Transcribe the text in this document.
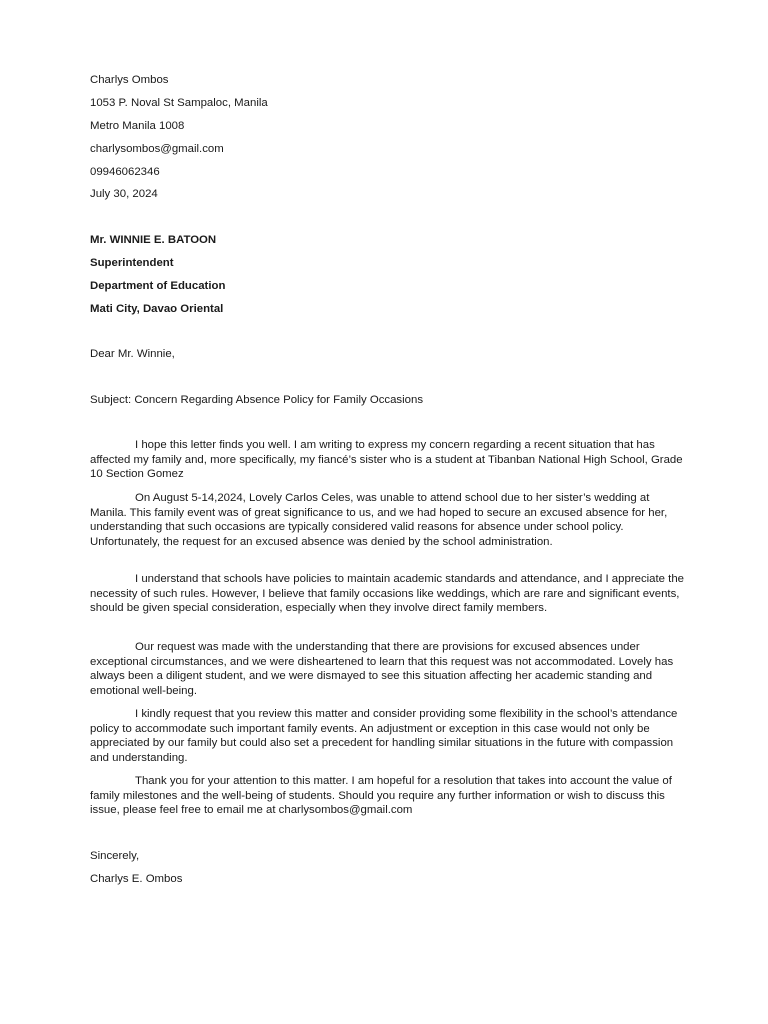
Charlys Ombos
1053 P. Noval St Sampaloc, Manila
Metro Manila 1008
charlysombos@gmail.com
09946062346
July 30, 2024
Mr. WINNIE E. BATOON
Superintendent
Department of Education
Mati City, Davao Oriental
Dear Mr. Winnie,
Subject: Concern Regarding Absence Policy for Family Occasions

I hope this letter finds you well. I am writing to express my concern regarding a recent situation that has affected my family and, more specifically, my fiancé’s sister who is a student at Tibanban National High School, Grade 10 Section Gomez

On August 5-14,2024, Lovely Carlos Celes, was unable to attend school due to her sister’s wedding at Manila. This family event was of great significance to us, and we had hoped to secure an excused absence for her, understanding that such occasions are typically considered valid reasons for absence under school policy. Unfortunately, the request for an excused absence was denied by the school administration.

I understand that schools have policies to maintain academic standards and attendance, and I appreciate the necessity of such rules. However, I believe that family occasions like weddings, which are rare and significant events, should be given special consideration, especially when they involve direct family members.

Our request was made with the understanding that there are provisions for excused absences under exceptional circumstances, and we were disheartened to learn that this request was not accommodated. Lovely has always been a diligent student, and we were dismayed to see this situation affecting her academic standing and emotional well-being.

I kindly request that you review this matter and consider providing some flexibility in the school’s attendance policy to accommodate such important family events. An adjustment or exception in this case would not only be appreciated by our family but could also set a precedent for handling similar situations in the future with compassion and understanding.

Thank you for your attention to this matter. I am hopeful for a resolution that takes into account the value of family milestones and the well-being of students. Should you require any further information or wish to discuss this issue, please feel free to email me at charlysombos@gmail.com

Sincerely,
Charlys E. Ombos
